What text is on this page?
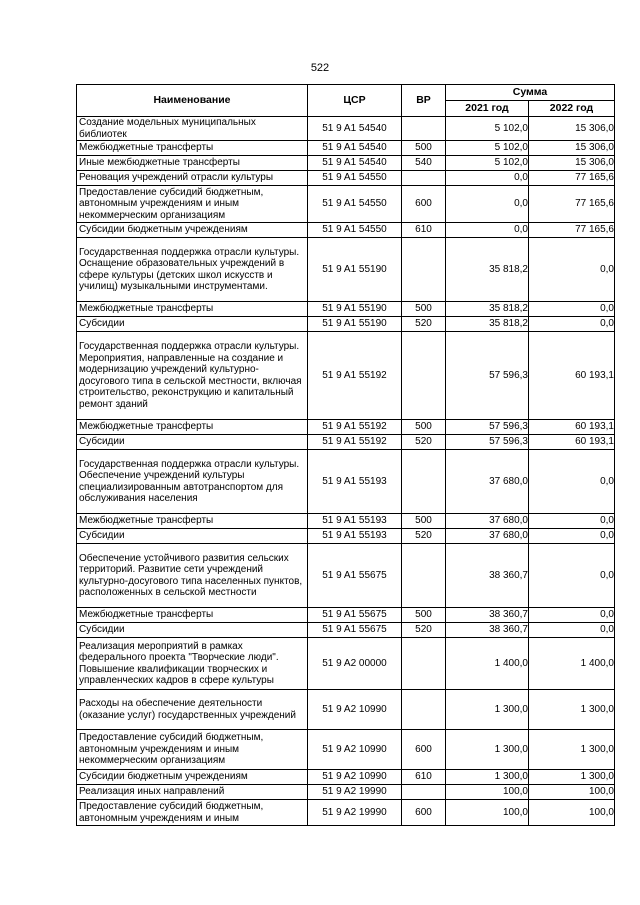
522
Наименование	ЦСР	ВР	Сумма	
			2021 год	2022 год
Создание модельных муниципальных библиотек	51 9 A1 54540		5 102,0	15 306,0
Межбюджетные трансферты	51 9 A1 54540	500	5 102,0	15 306,0
Иные межбюджетные трансферты	51 9 A1 54540	540	5 102,0	15 306,0
Реновация учреждений отрасли культуры	51 9 A1 54550		0,0	77 165,6
Предоставление субсидий бюджетным, автономным учреждениям и иным некоммерческим организациям	51 9 A1 54550	600	0,0	77 165,6
Субсидии бюджетным учреждениям	51 9 A1 54550	610	0,0	77 165,6
Государственная поддержка отрасли культуры. Оснащение образовательных учреждений в сфере культуры (детских школ искусств и училищ) музыкальными инструментами.	51 9 A1 55190		35 818,2	0,0
Межбюджетные трансферты	51 9 A1 55190	500	35 818,2	0,0
Субсидии	51 9 A1 55190	520	35 818,2	0,0
Государственная поддержка отрасли культуры. Мероприятия, направленные на создание и модернизацию учреждений культурно-досугового типа в сельской местности, включая строительство, реконструкцию и капитальный ремонт зданий	51 9 A1 55192		57 596,3	60 193,1
Межбюджетные трансферты	51 9 A1 55192	500	57 596,3	60 193,1
Субсидии	51 9 A1 55192	520	57 596,3	60 193,1
Государственная поддержка отрасли культуры. Обеспечение учреждений культуры специализированным автотранспортом для обслуживания населения	51 9 A1 55193		37 680,0	0,0
Межбюджетные трансферты	51 9 A1 55193	500	37 680,0	0,0
Субсидии	51 9 A1 55193	520	37 680,0	0,0
Обеспечение устойчивого развития сельских территорий. Развитие сети учреждений культурно-досугового типа населенных пунктов, расположенных в сельской местности	51 9 A1 55675		38 360,7	0,0
Межбюджетные трансферты	51 9 A1 55675	500	38 360,7	0,0
Субсидии	51 9 A1 55675	520	38 360,7	0,0
Реализация мероприятий в рамках федерального проекта "Творческие люди". Повышение квалификации творческих и управленческих кадров в сфере культуры	51 9 A2 00000		1 400,0	1 400,0
Расходы на обеспечение деятельности (оказание услуг) государственных учреждений	51 9 A2 10990		1 300,0	1 300,0
Предоставление субсидий бюджетным, автономным учреждениям и иным некоммерческим организациям	51 9 A2 10990	600	1 300,0	1 300,0
Субсидии бюджетным учреждениям	51 9 A2 10990	610	1 300,0	1 300,0
Реализация иных направлений	51 9 A2 19990		100,0	100,0
Предоставление субсидий бюджетным, автономным учреждениям и иным	51 9 A2 19990	600	100,0	100,0
